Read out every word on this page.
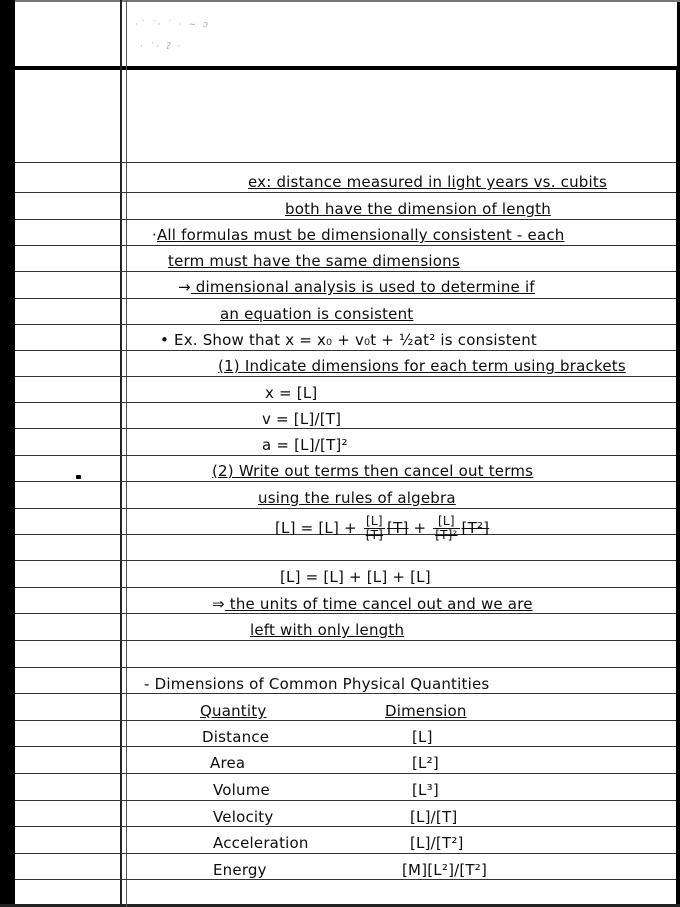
·˙ ˙· ˙ · ~ ↄ
· ˙· ʔ ·
ex: distance measured in light years vs. cubits
both have the dimension of length
·All formulas must be dimensionally consistent - each
term must have the same dimensions
→ dimensional analysis is used to determine if
an equation is consistent
• Ex. Show that x = x₀ + v₀t + ½at² is consistent
(1) Indicate dimensions for each term using brackets
x = [L]
v = [L]/[T]
a = [L]/[T]²
(2) Write out terms then cancel out terms
using the rules of algebra
$[L] = [L] + \frac{[L]}{[T]} [T] + \frac{[L]}{\text{[T]²}} [T^2]$
[L] = [L] + [L] + [L]
⇒ the units of time cancel out and we are
left with only length
- Dimensions of Common Physical Quantities
Quantity	Dimension
Distance	[L]
Area	[L²]
Volume	[L³]
Velocity	[L]/[T]
Acceleration	[L]/[T²]
Energy	[M][L²]/[T²]
